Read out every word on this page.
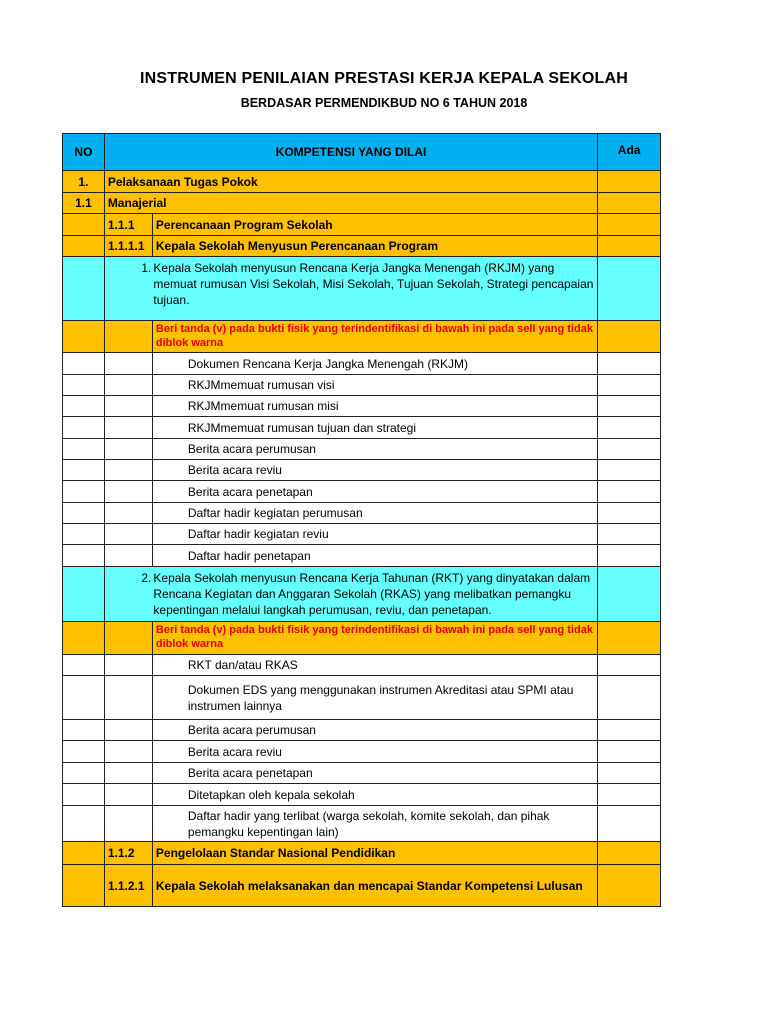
INSTRUMEN PENILAIAN PRESTASI KERJA KEPALA SEKOLAH
BERDASAR PERMENDIKBUD NO 6 TAHUN 2018
NO	KOMPETENSI YANG DILAI		Ada
1.	Pelaksanaan Tugas Pokok		
1.1	Manajerial		
	1.1.1	Perencanaan Program Sekolah	
	1.1.1.1	Kepala Sekolah Menyusun Perencanaan Program	
	1.	Kepala Sekolah menyusun Rencana Kerja Jangka Menengah (RKJM) yang memuat rumusan Visi Sekolah, Misi Sekolah, Tujuan Sekolah, Strategi pencapaian tujuan.	
		Beri tanda (v) pada bukti fisik yang terindentifikasi di bawah ini pada sell yang tidak diblok warna	
		Dokumen Rencana Kerja Jangka Menengah (RKJM)	
		RKJMmemuat rumusan visi	
		RKJMmemuat rumusan misi	
		RKJMmemuat rumusan tujuan dan strategi	
		Berita acara perumusan	
		Berita acara reviu	
		Berita acara penetapan	
		Daftar hadir kegiatan perumusan	
		Daftar hadir kegiatan reviu	
		Daftar hadir penetapan	
	2.	Kepala Sekolah menyusun Rencana Kerja Tahunan (RKT) yang dinyatakan dalam Rencana Kegiatan dan Anggaran Sekolah (RKAS) yang melibatkan pemangku kepentingan melalui langkah perumusan, reviu, dan penetapan.	
		Beri tanda (v) pada bukti fisik yang terindentifikasi di bawah ini pada sell yang tidak diblok warna	
		RKT dan/atau RKAS	
		Dokumen EDS yang menggunakan instrumen Akreditasi atau SPMI atau instrumen lainnya	
		Berita acara perumusan	
		Berita acara reviu	
		Berita acara penetapan	
		Ditetapkan oleh kepala sekolah	
		Daftar hadir yang terlibat (warga sekolah, komite sekolah, dan pihak pemangku kepentingan lain)	
	1.1.2	Pengelolaan Standar Nasional Pendidikan	
	1.1.2.1	Kepala Sekolah melaksanakan dan mencapai Standar Kompetensi Lulusan	
